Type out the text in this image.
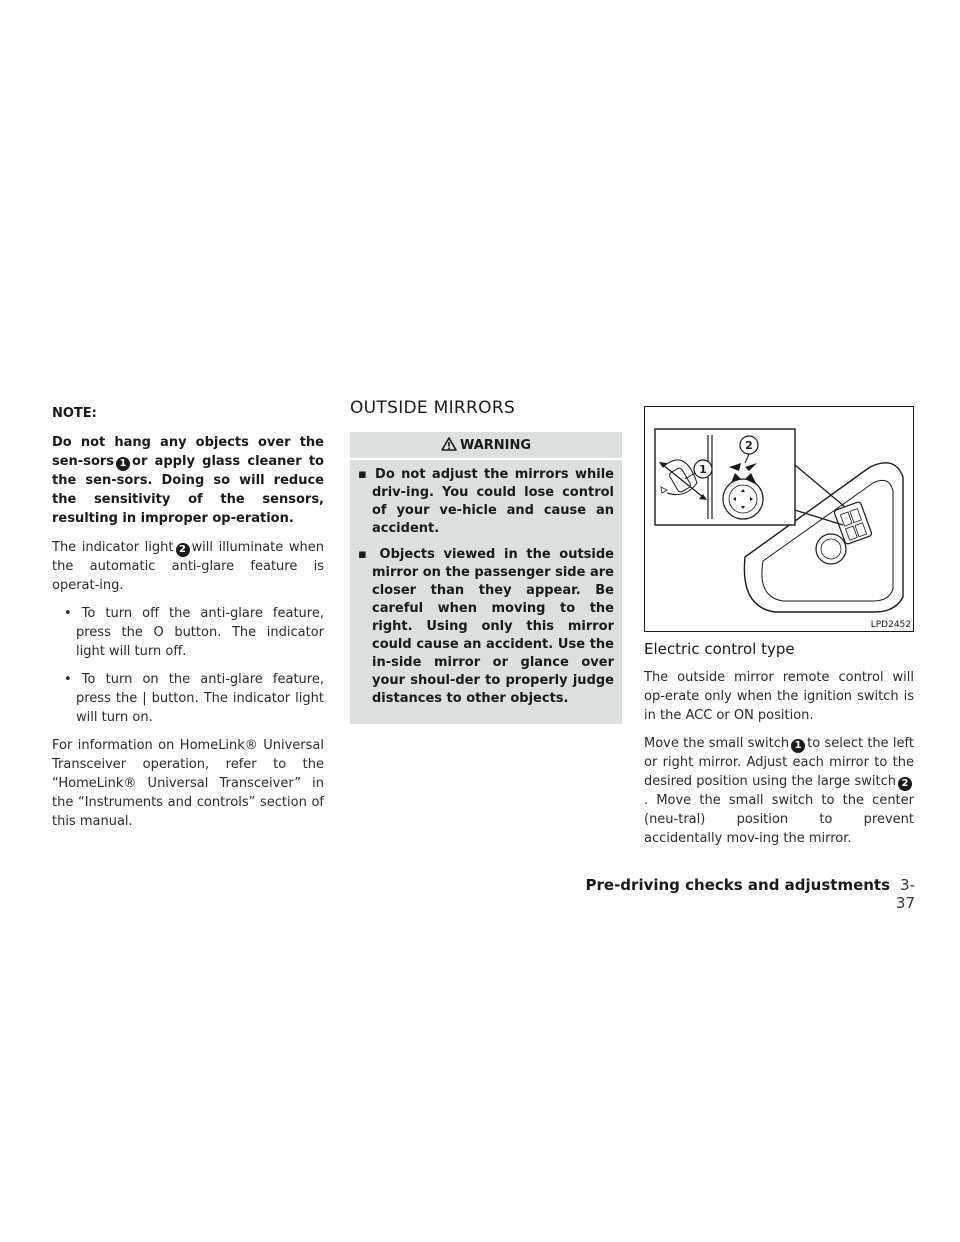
NOTE:

Do not hang any objects over the sen-sors 1 or apply glass cleaner to the sen-sors. Doing so will reduce the sensitivity of the sensors, resulting in improper op-eration.

The indicator light 2 will illuminate when the automatic anti-glare feature is operat-ing.

• To turn off the anti-glare feature, press the O button. The indicator light will turn off.

• To turn on the anti-glare feature, press the | button. The indicator light will turn on.

For information on HomeLink® Universal Transceiver operation, refer to the “HomeLink® Universal Transceiver” in the “Instruments and controls” section of this manual.

OUTSIDE MIRRORS
WARNING

▪ Do not adjust the mirrors while driv-ing. You could lose control of your ve-hicle and cause an accident.

▪ Objects viewed in the outside mirror on the passenger side are closer than they appear. Be careful when moving to the right. Using only this mirror could cause an accident. Use the in-side mirror or glance over your shoul-der to properly judge distances to other objects.

1
2
LPD2452
Electric control type

The outside mirror remote control will op-erate only when the ignition switch is in the ACC or ON position.

Move the small switch 1 to select the left or right mirror. Adjust each mirror to the desired position using the large switch 2. Move the small switch to the center (neu-tral) position to prevent accidentally mov-ing the mirror.

Pre-driving checks and adjustments 3-37
